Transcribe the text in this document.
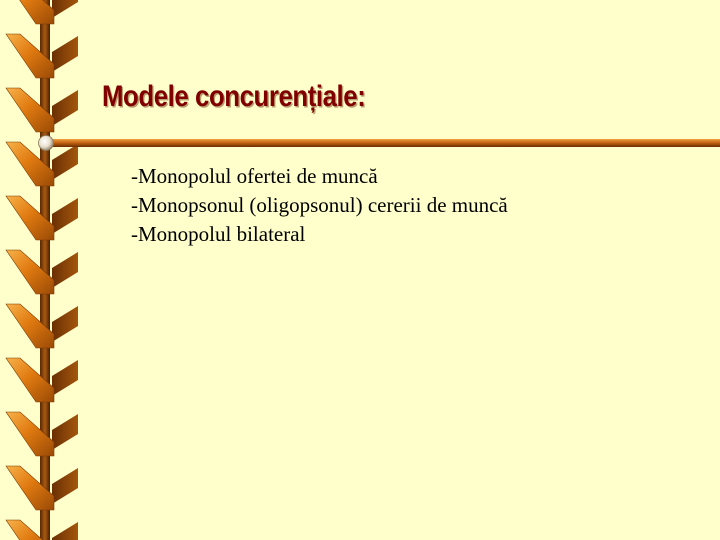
Modele concurențiale:
-Monopolul ofertei de muncă
-Monopsonul (oligopsonul) cererii de muncă
-Monopolul bilateral
